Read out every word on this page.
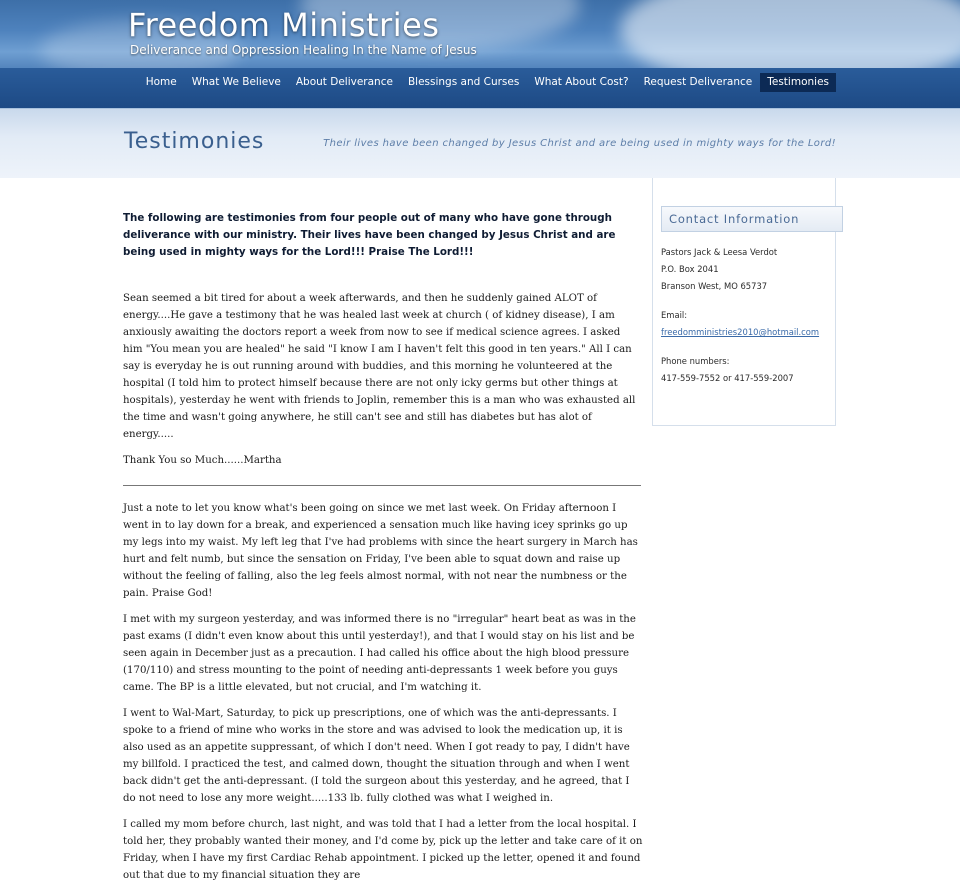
Freedom Ministries
Deliverance and Oppression Healing In the Name of Jesus
Home	What We Believe	About Deliverance	Blessings and Curses	What About Cost?	Request Deliverance	Testimonies
Testimonies	Their lives have been changed by Jesus Christ and are being used in mighty ways for the Lord!

The following are testimonies from four people out of many who have gone through deliverance with our ministry. Their lives have been changed by Jesus Christ and are being used in mighty ways for the Lord!!! Praise The Lord!!!

Sean seemed a bit tired for about a week afterwards, and then he suddenly gained ALOT of energy....He gave a testimony that he was healed last week at church ( of kidney disease), I am anxiously awaiting the doctors report a week from now to see if medical science agrees. I asked him "You mean you are healed" he said "I know I am I haven't felt this good in ten years." All I can say is everyday he is out running around with buddies, and this morning he volunteered at the hospital (I told him to protect himself because there are not only icky germs but other things at hospitals), yesterday he went with friends to Joplin, remember this is a man who was exhausted all the time and wasn't going anywhere, he still can't see and still has diabetes but has alot of energy.....

Thank You so Much......Martha

Just a note to let you know what's been going on since we met last week. On Friday afternoon I went in to lay down for a break, and experienced a sensation much like having icey sprinks go up my legs into my waist. My left leg that I've had problems with since the heart surgery in March has hurt and felt numb, but since the sensation on Friday, I've been able to squat down and raise up without the feeling of falling, also the leg feels almost normal, with not near the numbness or the pain. Praise God!

I met with my surgeon yesterday, and was informed there is no "irregular" heart beat as was in the past exams (I didn't even know about this until yesterday!), and that I would stay on his list and be seen again in December just as a precaution. I had called his office about the high blood pressure (170/110) and stress mounting to the point of needing anti-depressants 1 week before you guys came. The BP is a little elevated, but not crucial, and I'm watching it.

I went to Wal-Mart, Saturday, to pick up prescriptions, one of which was the anti-depressants. I spoke to a friend of mine who works in the store and was advised to look the medication up, it is also used as an appetite suppressant, of which I don't need. When I got ready to pay, I didn't have my billfold. I practiced the test, and calmed down, thought the situation through and when I went back didn't get the anti-depressant. (I told the surgeon about this yesterday, and he agreed, that I do not need to lose any more weight.....133 lb. fully clothed was what I weighed in.

I called my mom before church, last night, and was told that I had a letter from the local hospital. I told her, they probably wanted their money, and I'd come by, pick up the letter and take care of it on Friday, when I have my first Cardiac Rehab appointment. I picked up the letter, opened it and found out that due to my financial situation they are

Contact Information
Pastors Jack & Leesa Verdot
P.O. Box 2041
Branson West, MO 65737
Email:
freedomministries2010@hotmail.com
Phone numbers:
417-559-7552 or 417-559-2007
